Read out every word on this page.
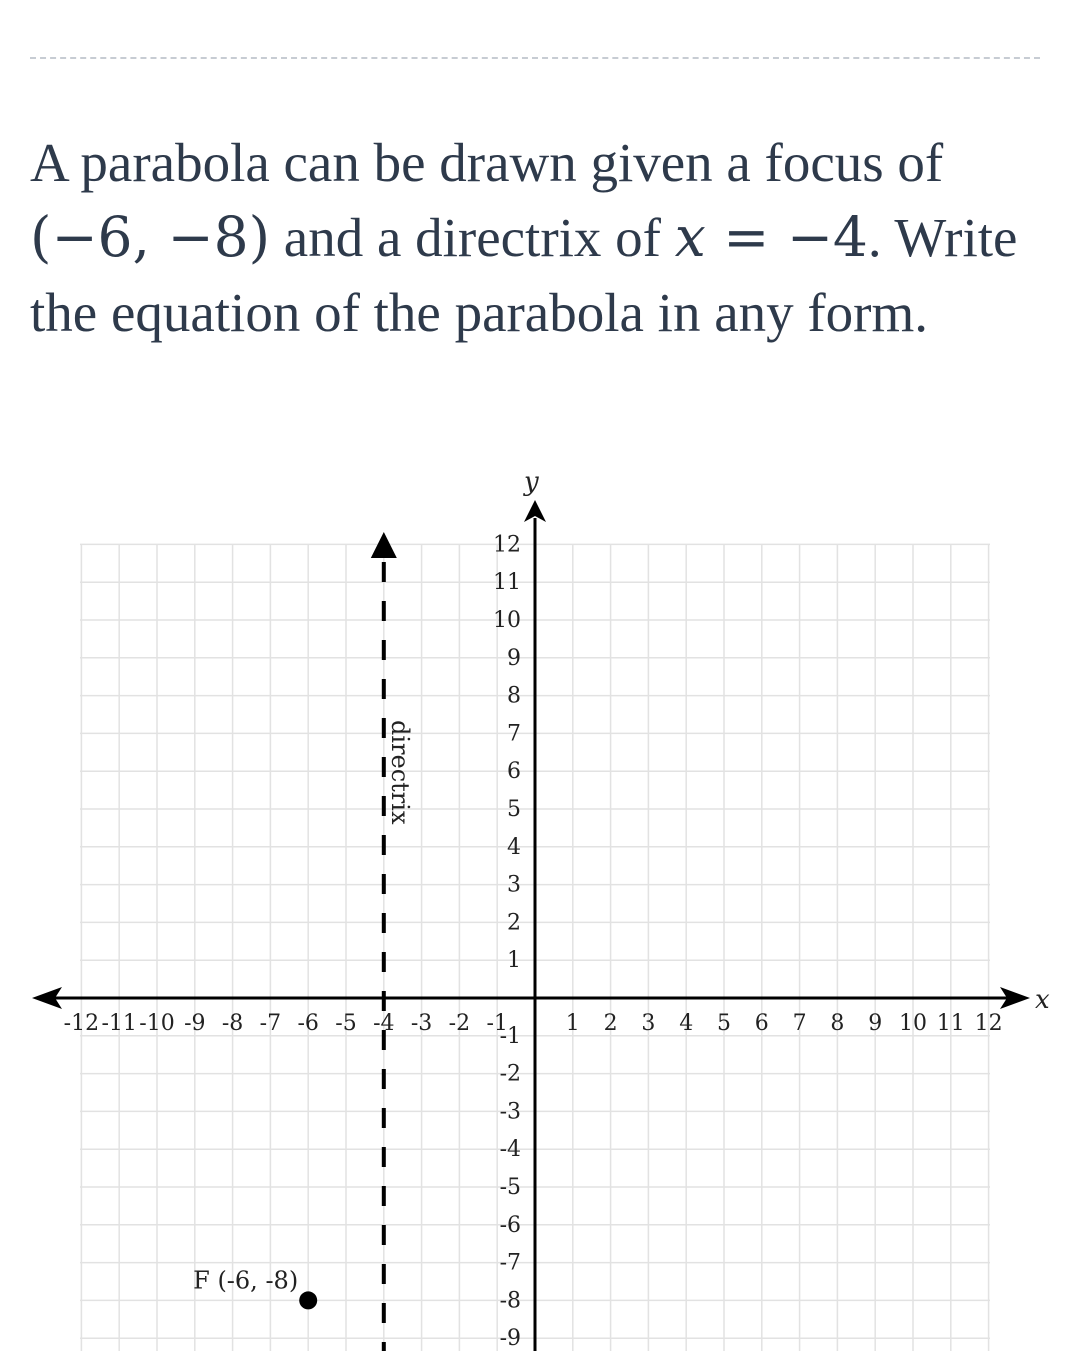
A parabola can be drawn given a focus of
(−6, −8) and a directrix of x = −4. Write
the equation of the parabola in any form.
-12 -11 -10 -9 -8 -7 -6 -5 -4 -3 -2 -1	1 2 3 4 5 6 7 8 9 10 11 12
12
11
10
9
8
7
6
5
4
3
2
1
-1
-2
-3
-4
-5
-6
-7
-8
-9
directrix
F (-6, -8)
x
y
